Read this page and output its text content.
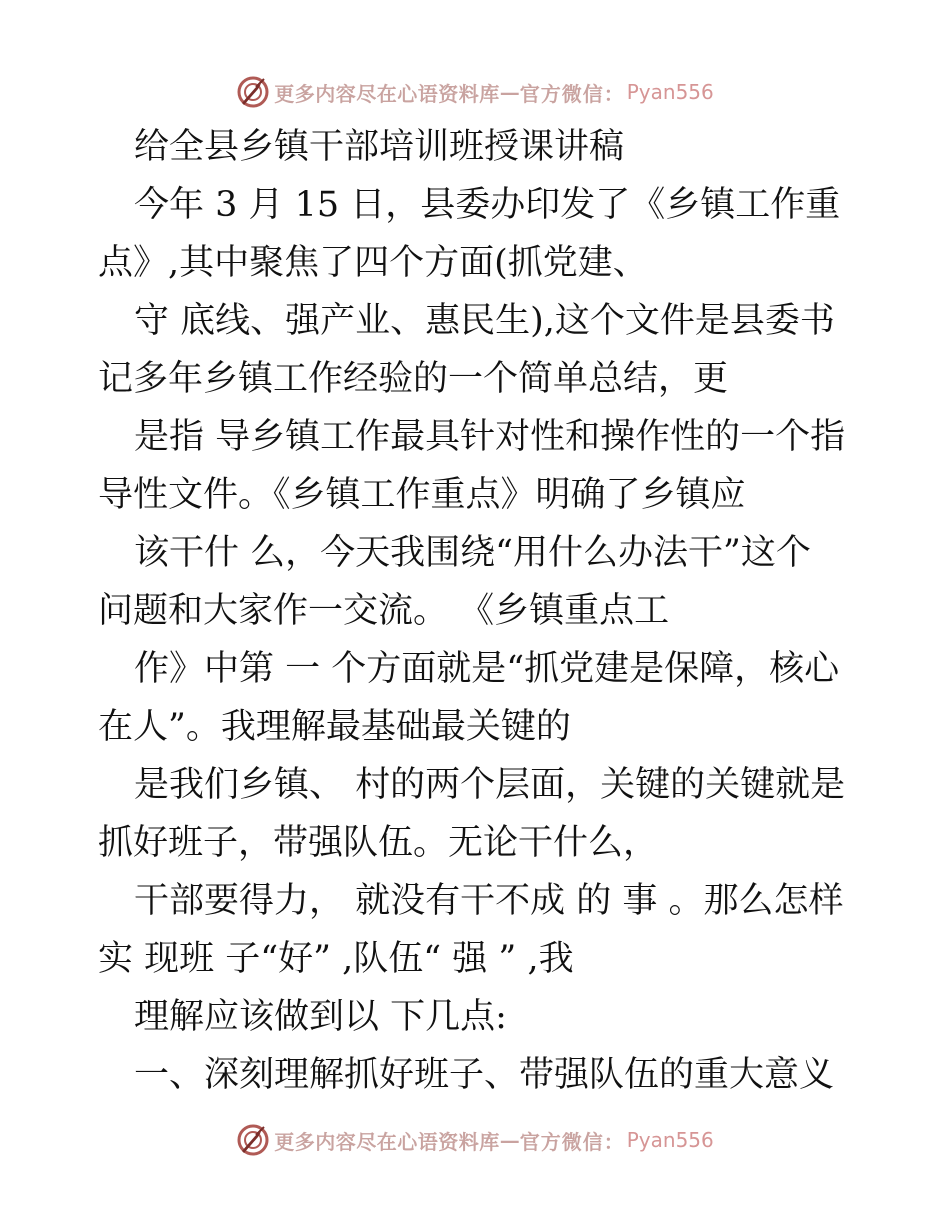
更多内容尽在心语资料库 — 官方微信： Pyan556

给全县乡镇干部培训班授课讲稿

今年 3 月 15 日，县委办印发了《乡镇工作重

点》,其中聚焦了四个方面(抓党建、

守 底线、强产业、惠民生),这个文件是县委书

记多年乡镇工作经验的一个简单总结，更

是指 导乡镇工作最具针对性和操作性的一个指

导性文件。《乡镇工作重点》明确了乡镇应

该干什 么，今天我围绕“用什么办法干”这个

问题和大家作一交流。 《乡镇重点工

作》中第 一 个方面就是“抓党建是保障，核心

在人”。我理解最基础最关键的

是我们乡镇、 村的两个层面，关键的关键就是

抓好班子，带强队伍。无论干什么，

干部要得力， 就没有干不成 的 事 。那么怎样

实 现班 子“好” ,队伍“ 强 ” ,我

理解应该做到以 下几点:

一、深刻理解抓好班子、带强队伍的重大意义

更多内容尽在心语资料库 — 官方微信： Pyan556
